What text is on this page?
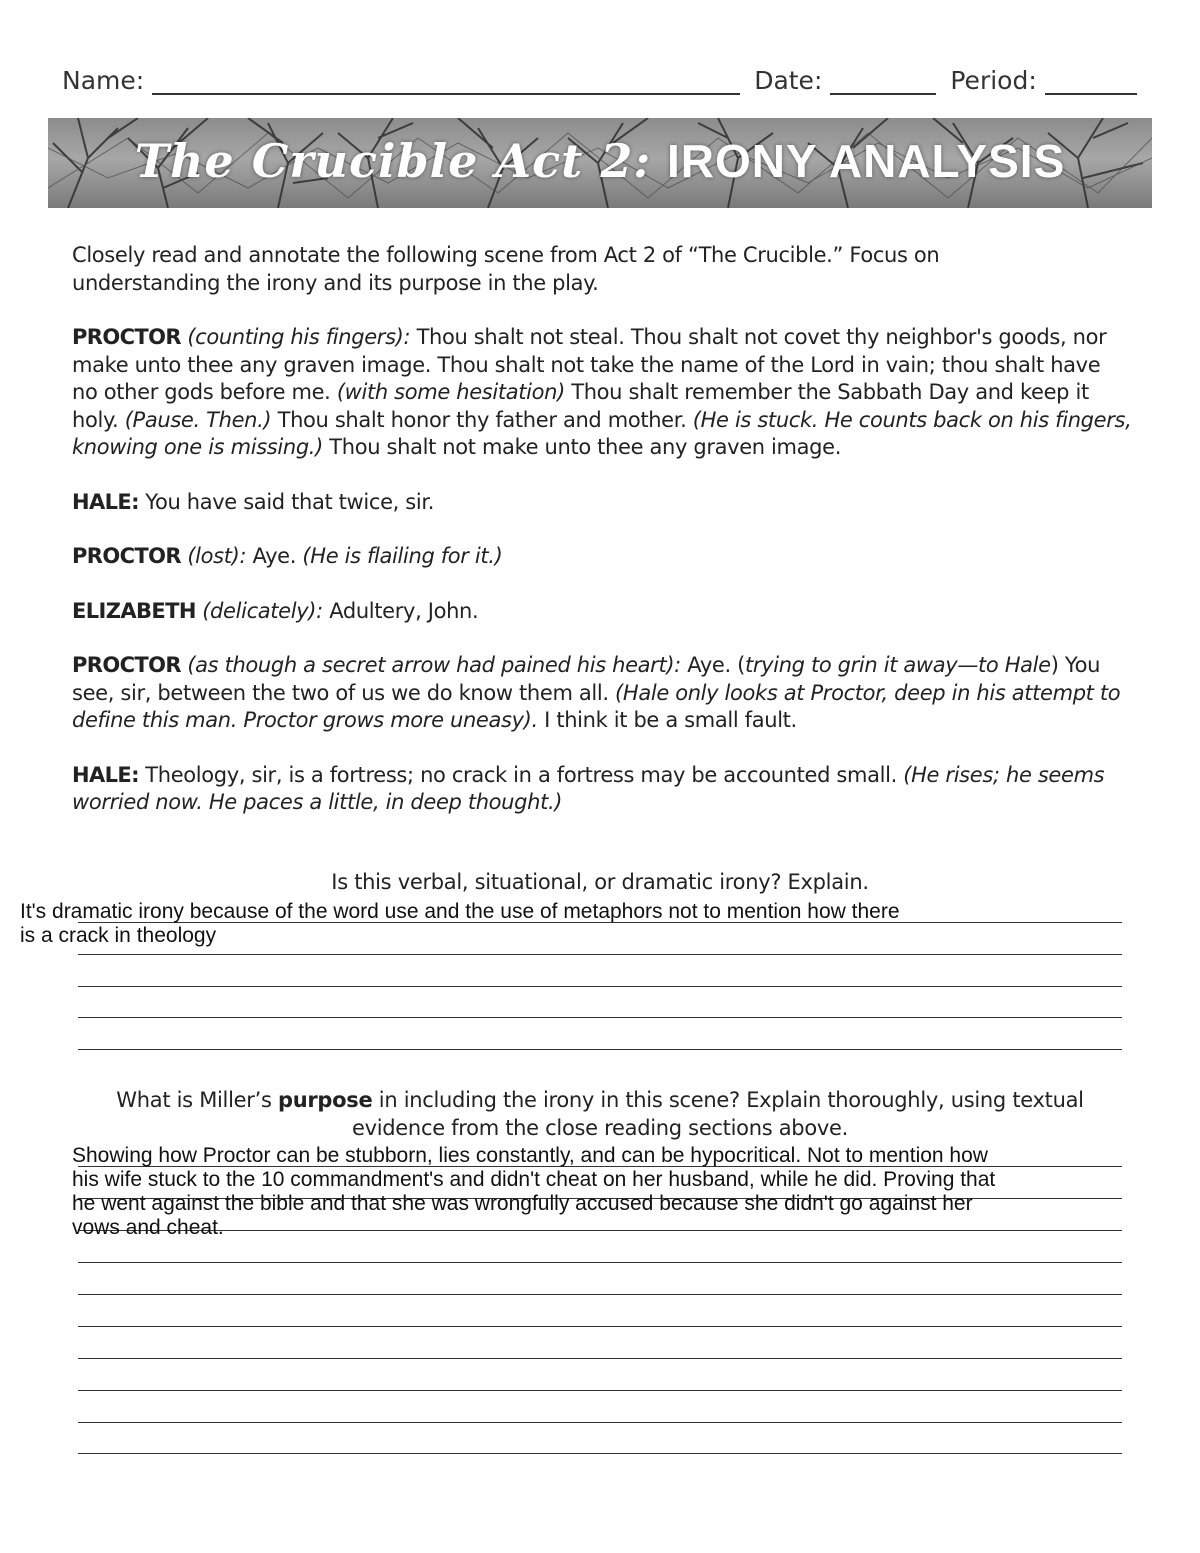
Name:	Date:	Period:
The Crucible Act 2: IRONY ANALYSIS

Closely read and annotate the following scene from Act 2 of “The Crucible.” Focus on
understanding the irony and its purpose in the play.

PROCTOR (counting his fingers): Thou shalt not steal. Thou shalt not covet thy neighbor's goods, nor make unto thee any graven image. Thou shalt not take the name of the Lord in vain; thou shalt have no other gods before me. (with some hesitation) Thou shalt remember the Sabbath Day and keep it holy. (Pause. Then.) Thou shalt honor thy father and mother. (He is stuck. He counts back on his fingers, knowing one is missing.) Thou shalt not make unto thee any graven image.

HALE: You have said that twice, sir.

PROCTOR (lost): Aye. (He is flailing for it.)

ELIZABETH (delicately): Adultery, John.

PROCTOR (as though a secret arrow had pained his heart): Aye. (trying to grin it away—to Hale) You see, sir, between the two of us we do know them all. (Hale only looks at Proctor, deep in his attempt to define this man. Proctor grows more uneasy). I think it be a small fault.

HALE: Theology, sir, is a fortress; no crack in a fortress may be accounted small. (He rises; he seems worried now. He paces a little, in deep thought.)

Is this verbal, situational, or dramatic irony? Explain.
It's dramatic irony because of the word use and the use of metaphors not to mention how there
is a crack in theology
What is Miller’s purpose in including the irony in this scene? Explain thoroughly, using textual evidence from the close reading sections above.
Showing how Proctor can be stubborn, lies constantly, and can be hypocritical. Not to mention how
his wife stuck to the 10 commandment's and didn't cheat on her husband, while he did. Proving that
he went against the bible and that she was wrongfully accused because she didn't go against her
vows and cheat.
